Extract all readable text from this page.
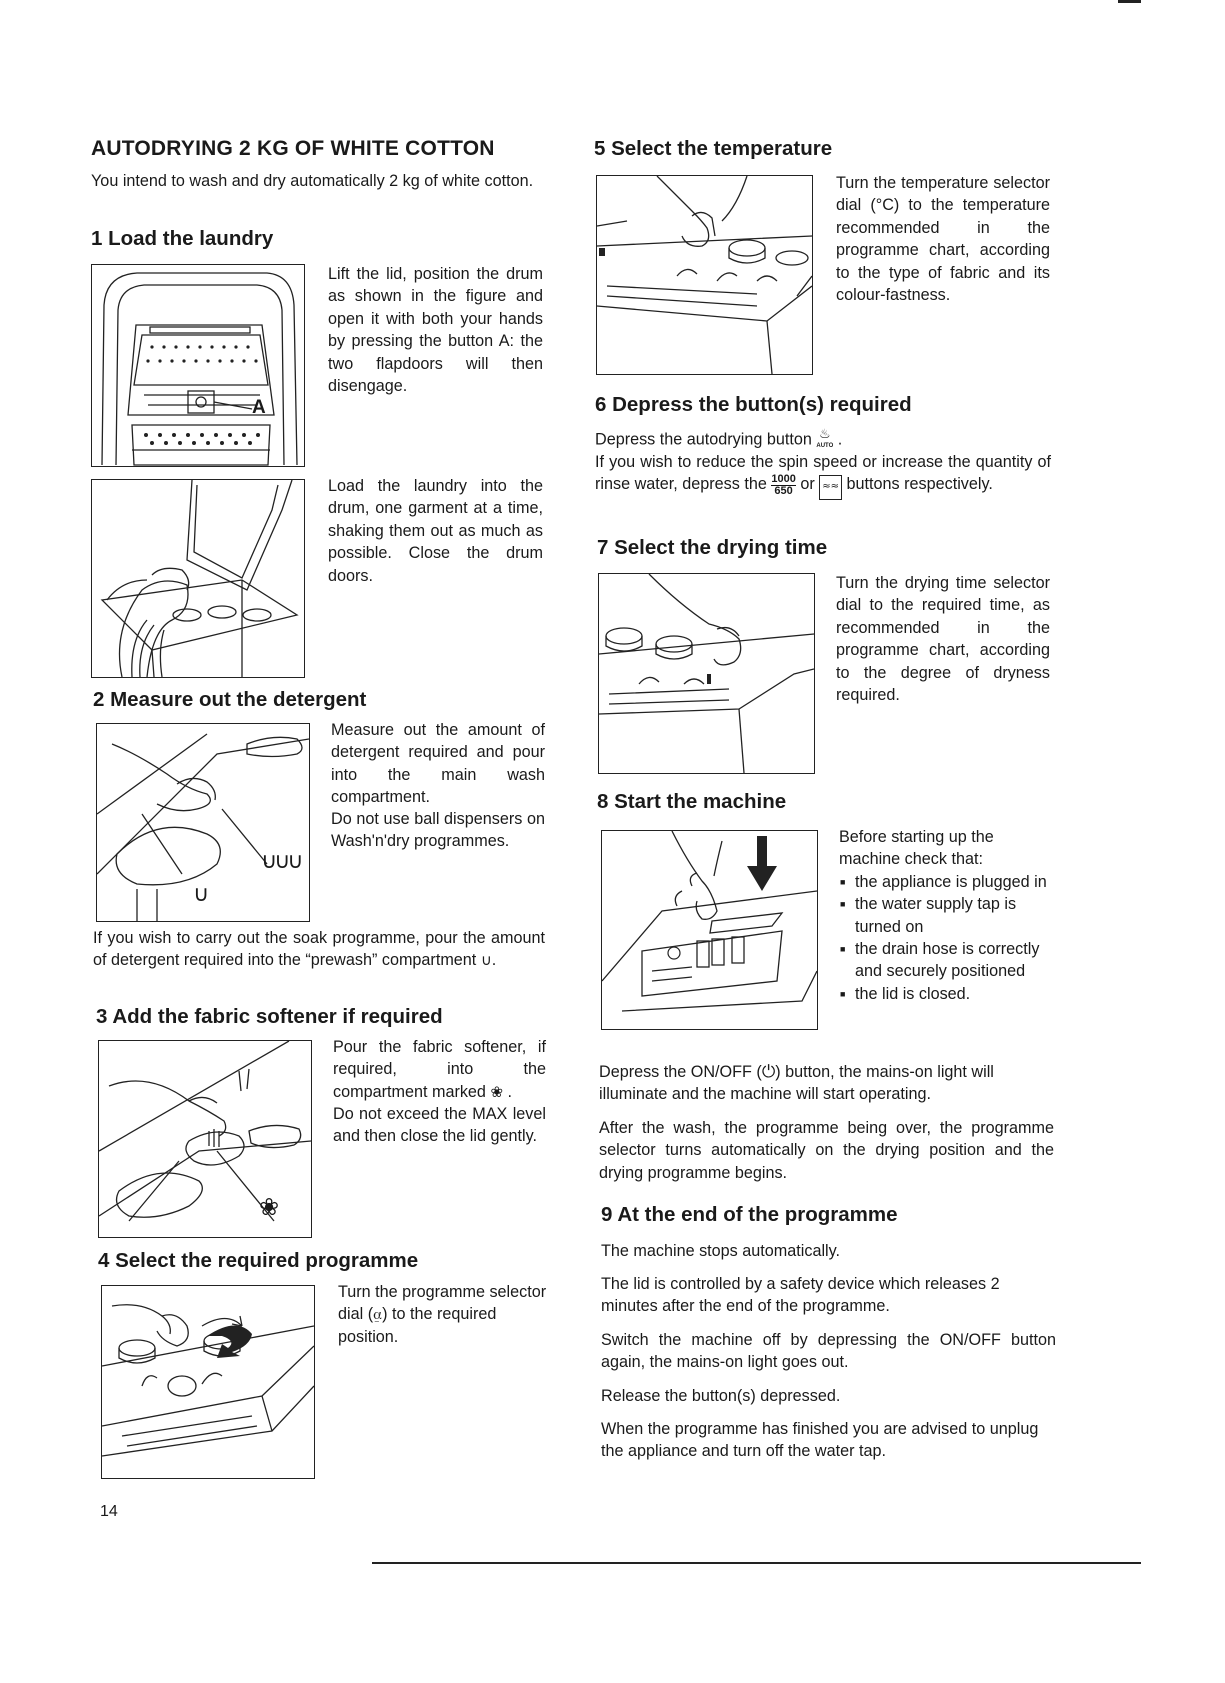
AUTODRYING 2 KG OF WHITE COTTON
You intend to wash and dry automatically 2 kg of white cotton.
1 Load the laundry
A
Lift the lid, position the drum as shown in the figure and open it with both your hands by pressing the button A: the two flapdoors will then disengage.
Load the laundry into the drum, one garment at a time, shaking them out as much as possible. Close the drum doors.
2 Measure out the detergent
∪∪∪
∪
Measure out the amount of detergent required and pour into the main wash compartment.
Do not use ball dispensers on Wash'n'dry programmes.
If you wish to carry out the soak programme, pour the amount of detergent required into the “prewash” compartment ∪.
3 Add the fabric softener if required
❀
Pour the fabric softener, if required, into the compartment marked ❀ .
Do not exceed the MAX level and then close the lid gently.
4 Select the required programme
Turn the programme selector dial (⍶) to the required position.
14
5 Select the temperature
Turn the temperature selector dial (°C) to the temperature recommended in the programme chart, according to the type of fabric and its colour-fastness.
6 Depress the button(s) required
Depress the autodrying button ♨
AUTO .
If you wish to reduce the spin speed or increase the quantity of rinse water, depress the $\frac{1000}{650}$ or ≈≈ buttons respectively.
7 Select the drying time
Turn the drying time selector dial to the required time, as recommended in the programme chart, according to the degree of dryness required.
8 Start the machine
Before starting up the machine check that:
■ the appliance is plugged in
■ the water supply tap is turned on
■ the drain hose is correctly and securely positioned
■ the lid is closed.
Depress the ON/OFF (⏻) button, the mains-on light will illuminate and the machine will start operating.
After the wash, the programme being over, the programme selector turns automatically on the drying position and the drying programme begins.
9 At the end of the programme
The machine stops automatically.
The lid is controlled by a safety device which releases 2 minutes after the end of the programme.
Switch the machine off by depressing the ON/OFF button again, the mains-on light goes out.
Release the button(s) depressed.
When the programme has finished you are advised to unplug the appliance and turn off the water tap.
